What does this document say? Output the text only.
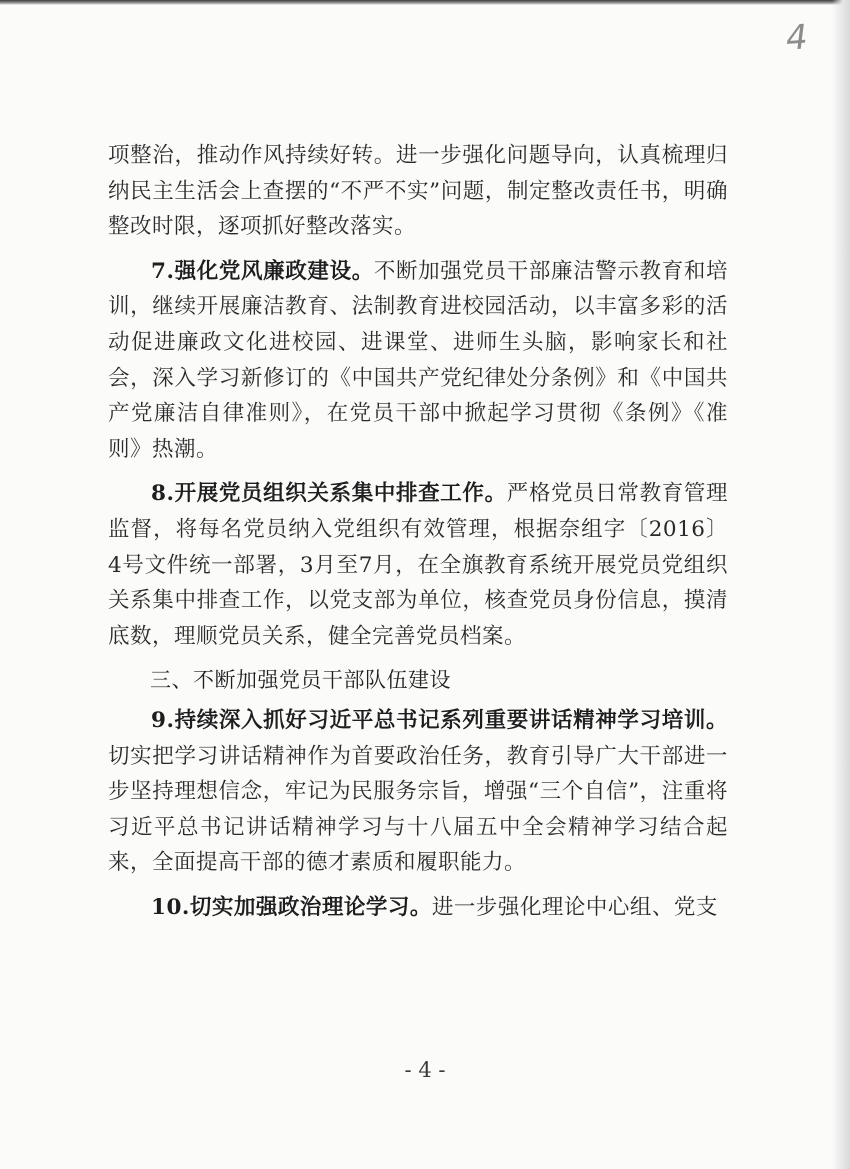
4

项整治，推动作风持续好转。进一步强化问题导向，认真梳理归纳民主生活会上查摆的“不严不实”问题，制定整改责任书，明确整改时限，逐项抓好整改落实。

7.强化党风廉政建设。不断加强党员干部廉洁警示教育和培训，继续开展廉洁教育、法制教育进校园活动，以丰富多彩的活动促进廉政文化进校园、进课堂、进师生头脑，影响家长和社会，深入学习新修订的《中国共产党纪律处分条例》和《中国共产党廉洁自律准则》，在党员干部中掀起学习贯彻《条例》《准则》热潮。

8.开展党员组织关系集中排查工作。严格党员日常教育管理监督，将每名党员纳入党组织有效管理，根据奈组字〔2016〕4号文件统一部署，3月至7月，在全旗教育系统开展党员党组织关系集中排查工作，以党支部为单位，核查党员身份信息，摸清底数，理顺党员关系，健全完善党员档案。

三、不断加强党员干部队伍建设

9.持续深入抓好习近平总书记系列重要讲话精神学习培训。切实把学习讲话精神作为首要政治任务，教育引导广大干部进一步坚持理想信念，牢记为民服务宗旨，增强“三个自信”，注重将习近平总书记讲话精神学习与十八届五中全会精神学习结合起来，全面提高干部的德才素质和履职能力。

10.切实加强政治理论学习。进一步强化理论中心组、党支

- 4 -
